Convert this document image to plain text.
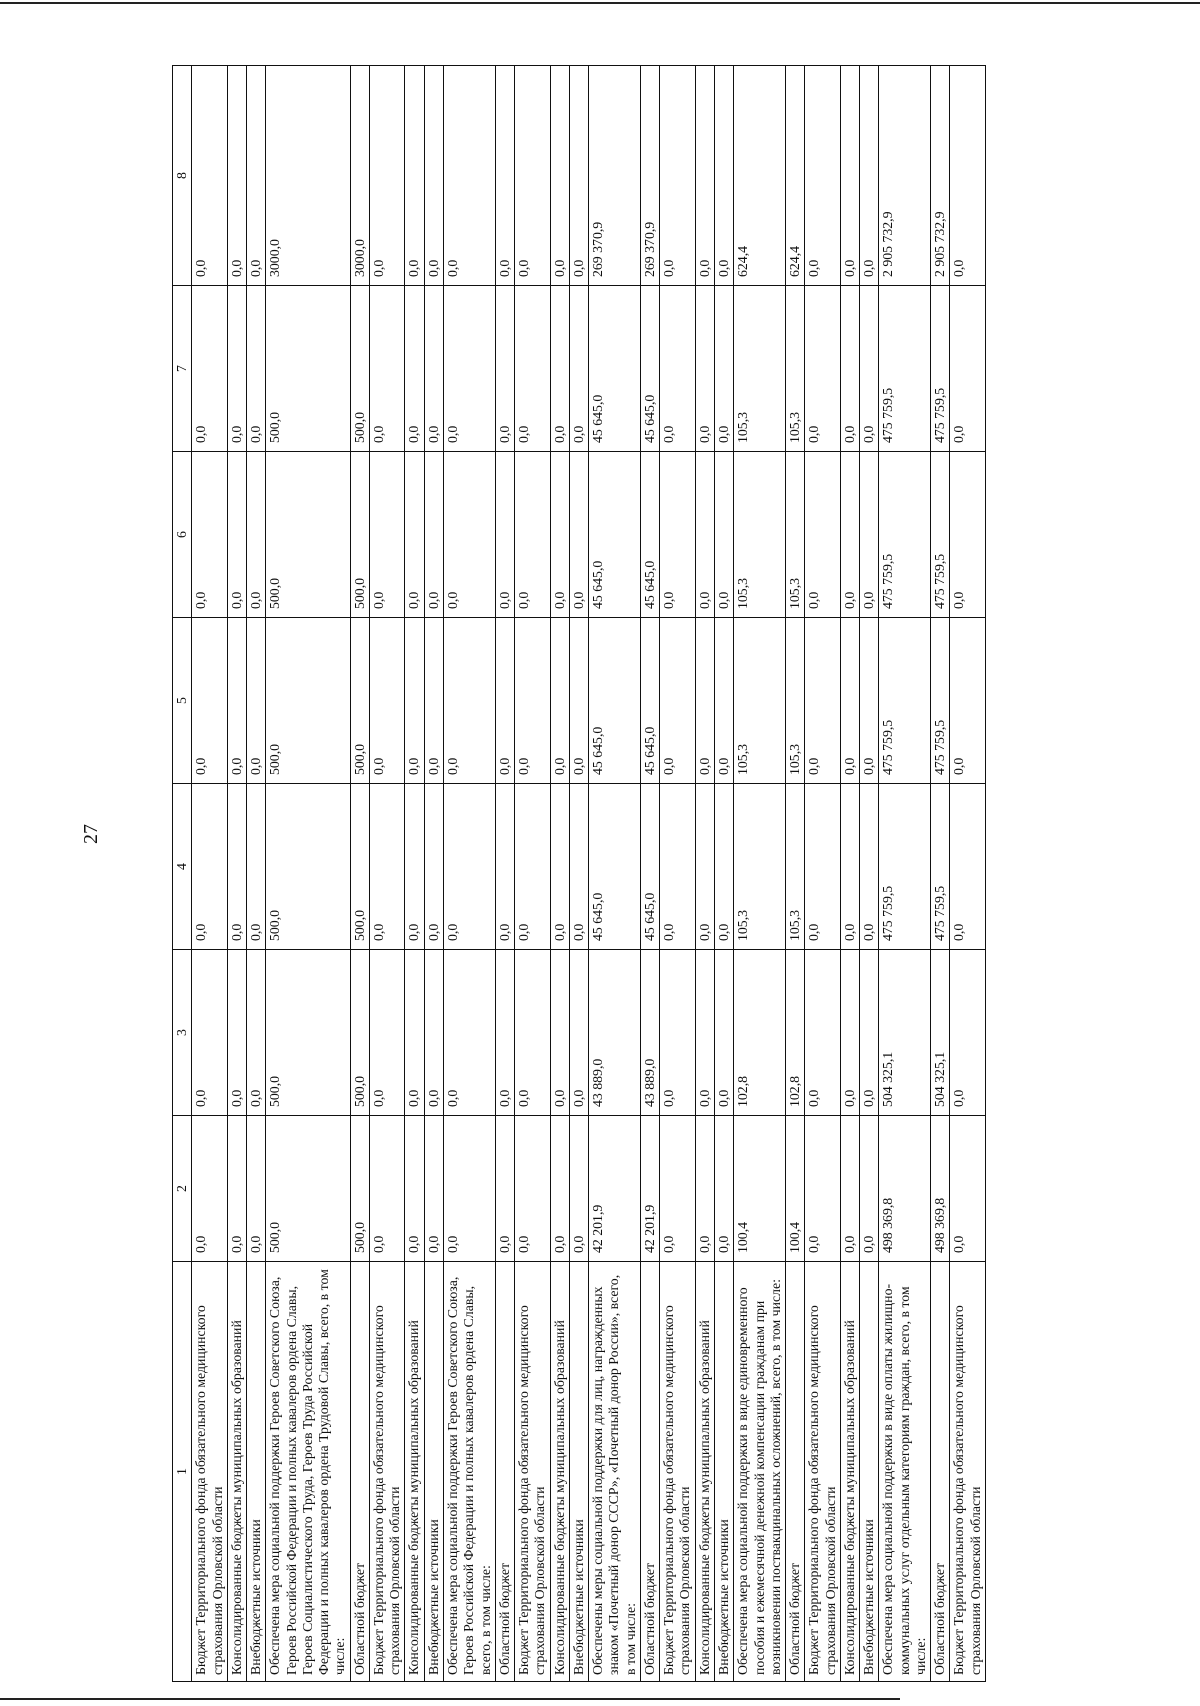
27
1	2	3	4	5	6	7	8
Бюджет Территориального фонда обязательного медицинского страхования Орловской области	0,0	0,0	0,0	0,0	0,0	0,0	0,0
Консолидированные бюджеты муниципальных образований	0,0	0,0	0,0	0,0	0,0	0,0	0,0
Внебюджетные источники	0,0	0,0	0,0	0,0	0,0	0,0	0,0
Обеспечена мера социальной поддержки Героев Советского Союза, Героев Российской Федерации и полных кавалеров ордена Славы, Героев Социалистического Труда, Героев Труда Российской Федерации и полных кавалеров ордена Трудовой Славы, всего, в том числе:	500,0	500,0	500,0	500,0	500,0	500,0	3000,0
Областной бюджет	500,0	500,0	500,0	500,0	500,0	500,0	3000,0
Бюджет Территориального фонда обязательного медицинского страхования Орловской области	0,0	0,0	0,0	0,0	0,0	0,0	0,0
Консолидированные бюджеты муниципальных образований	0,0	0,0	0,0	0,0	0,0	0,0	0,0
Внебюджетные источники	0,0	0,0	0,0	0,0	0,0	0,0	0,0
Обеспечена мера социальной поддержки Героев Советского Союза, Героев Российской Федерации и полных кавалеров ордена Славы, всего, в том числе:	0,0	0,0	0,0	0,0	0,0	0,0	0,0
Областной бюджет	0,0	0,0	0,0	0,0	0,0	0,0	0,0
Бюджет Территориального фонда обязательного медицинского страхования Орловской области	0,0	0,0	0,0	0,0	0,0	0,0	0,0
Консолидированные бюджеты муниципальных образований	0,0	0,0	0,0	0,0	0,0	0,0	0,0
Внебюджетные источники	0,0	0,0	0,0	0,0	0,0	0,0	0,0
Обеспечены меры социальной поддержки для лиц, награжденных знаком «Почетный донор СССР», «Почетный донор России», всего, в том числе:	42 201,9	43 889,0	45 645,0	45 645,0	45 645,0	45 645,0	269 370,9
Областной бюджет	42 201,9	43 889,0	45 645,0	45 645,0	45 645,0	45 645,0	269 370,9
Бюджет Территориального фонда обязательного медицинского страхования Орловской области	0,0	0,0	0,0	0,0	0,0	0,0	0,0
Консолидированные бюджеты муниципальных образований	0,0	0,0	0,0	0,0	0,0	0,0	0,0
Внебюджетные источники	0,0	0,0	0,0	0,0	0,0	0,0	0,0
Обеспечена мера социальной поддержки в виде единовременного пособия и ежемесячной денежной компенсации гражданам при возникновении поствакцинальных осложнений, всего, в том числе:	100,4	102,8	105,3	105,3	105,3	105,3	624,4
Областной бюджет	100,4	102,8	105,3	105,3	105,3	105,3	624,4
Бюджет Территориального фонда обязательного медицинского страхования Орловской области	0,0	0,0	0,0	0,0	0,0	0,0	0,0
Консолидированные бюджеты муниципальных образований	0,0	0,0	0,0	0,0	0,0	0,0	0,0
Внебюджетные источники	0,0	0,0	0,0	0,0	0,0	0,0	0,0
Обеспечена мера социальной поддержки в виде оплаты жилищно-коммунальных услуг отдельным категориям граждан, всего, в том числе:	498 369,8	504 325,1	475 759,5	475 759,5	475 759,5	475 759,5	2 905 732,9
Областной бюджет	498 369,8	504 325,1	475 759,5	475 759,5	475 759,5	475 759,5	2 905 732,9
Бюджет Территориального фонда обязательного медицинского страхования Орловской области	0,0	0,0	0,0	0,0	0,0	0,0	0,0
